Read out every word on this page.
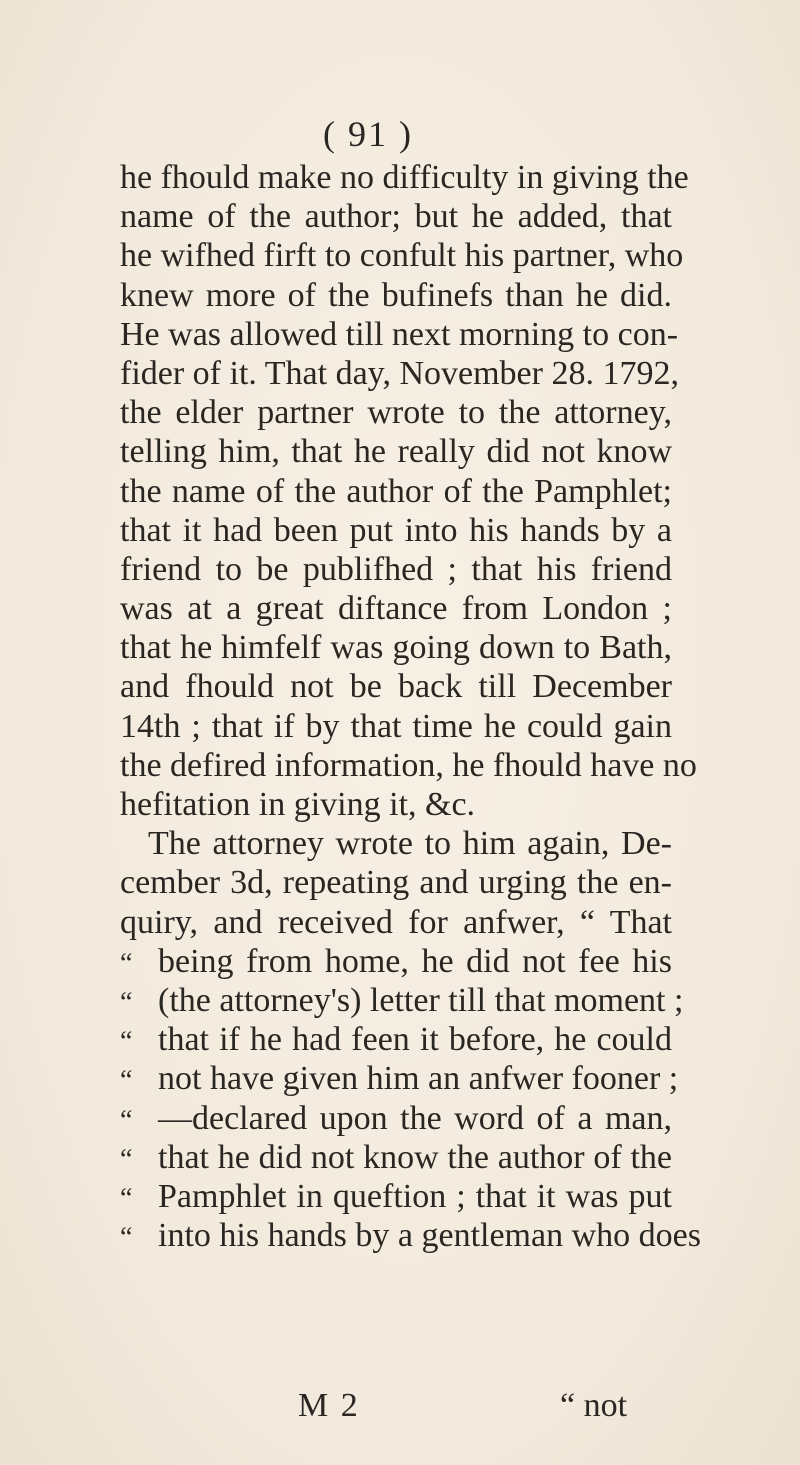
( 91 )
he fhould make no difficulty in giving the
name of the author; but he added, that
he wifhed firft to confult his partner, who
knew more of the bufinefs than he did.
He was allowed till next morning to con-
fider of it. That day, November 28. 1792,
the elder partner wrote to the attorney,
telling him, that he really did not know
the name of the author of the Pamphlet;
that it had been put into his hands by a
friend to be publifhed ; that his friend
was at a great diftance from London ;
that he himfelf was going down to Bath,
and fhould not be back till December
14th ; that if by that time he could gain
the defired information, he fhould have no
hefitation in giving it, &c.
The attorney wrote to him again, De-
cember 3d, repeating and urging the en-
quiry, and received for anfwer, “ That
“ being from home, he did not fee his
“ (the attorney's) letter till that moment ;
“ that if he had feen it before, he could
“ not have given him an anfwer fooner ;
“ —declared upon the word of a man,
“ that he did not know the author of the
“ Pamphlet in queftion ; that it was put
“ into his hands by a gentleman who does
M 2	“ not
